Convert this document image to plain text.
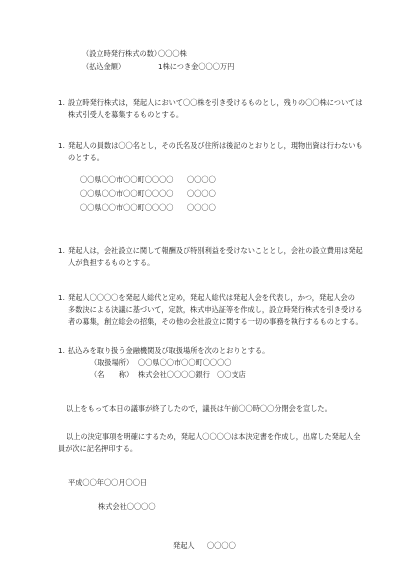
（設立時発行株式の数）
〇〇〇株
（払込金額）	1株につき金〇〇〇万円
1. 設立時発行株式は，発起人において〇〇株を引き受けるものとし，残りの〇〇株については
株式引受人を募集するものとする。
1. 発起人の員数は〇〇名とし，その氏名及び住所は後記のとおりとし，現物出資は行わないも
のとする。
〇〇県〇〇市〇〇町〇〇〇〇 〇〇〇〇
〇〇県〇〇市〇〇町〇〇〇〇 〇〇〇〇
〇〇県〇〇市〇〇町〇〇〇〇 〇〇〇〇
1. 発起人は，会社設立に関して報酬及び特別利益を受けないこととし，会社の設立費用は発起
人が負担するものとする。
1. 発起人〇〇〇〇を発起人総代と定め，発起人総代は発起人会を代表し，かつ，発起人会の
多数決による決議に基づいて，定款，株式申込証等を作成し，設立時発行株式を引き受ける
者の募集，創立総会の招集，その他の会社設立に関する一切の事務を執行するものとする。
1. 払込みを取り扱う金融機関及び取扱場所を次のとおりとする。
（取扱場所） 〇〇県〇〇市〇〇町〇〇〇〇
（名　　称） 株式会社〇〇〇〇銀行　〇〇支店
以上をもって本日の議事が終了したので，議長は午前〇〇時〇〇分閉会を宣した。
以上の決定事項を明確にするため，発起人〇〇〇〇は本決定書を作成し，出席した発起人全
員が次に記名押印する。
平成〇〇年〇〇月〇〇日
株式会社〇〇〇〇
発起人 〇〇〇〇
